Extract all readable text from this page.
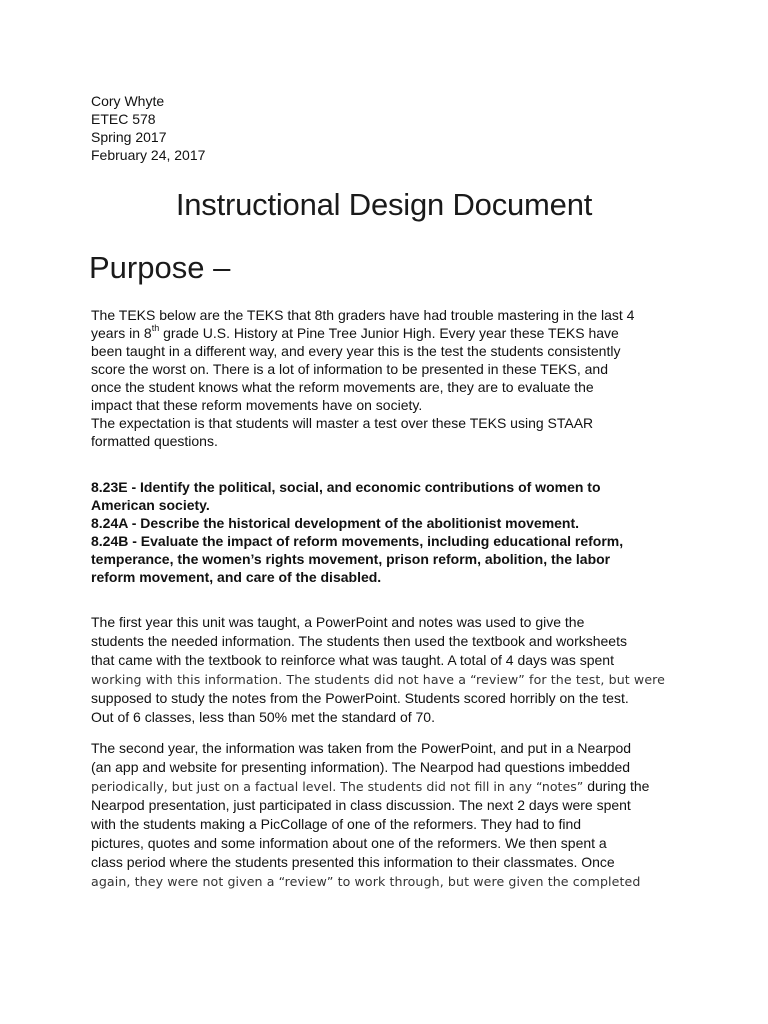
Cory Whyte
ETEC 578
Spring 2017
February 24, 2017
Instructional Design Document
Purpose –
The TEKS below are the TEKS that 8th graders have had trouble mastering in the last 4
years in 8th grade U.S. History at Pine Tree Junior High. Every year these TEKS have
been taught in a different way, and every year this is the test the students consistently
score the worst on. There is a lot of information to be presented in these TEKS, and
once the student knows what the reform movements are, they are to evaluate the
impact that these reform movements have on society.
The expectation is that students will master a test over these TEKS using STAAR
formatted questions.
8.23E - Identify the political, social, and economic contributions of women to
American society.
8.24A - Describe the historical development of the abolitionist movement.
8.24B - Evaluate the impact of reform movements, including educational reform,
temperance, the women’s rights movement, prison reform, abolition, the labor
reform movement, and care of the disabled.
The first year this unit was taught, a PowerPoint and notes was used to give the
students the needed information. The students then used the textbook and worksheets
that came with the textbook to reinforce what was taught. A total of 4 days was spent
working with this information. The students did not have a “review” for the test, but were
supposed to study the notes from the PowerPoint. Students scored horribly on the test.
Out of 6 classes, less than 50% met the standard of 70.
The second year, the information was taken from the PowerPoint, and put in a Nearpod
(an app and website for presenting information). The Nearpod had questions imbedded
periodically, but just on a factual level. The students did not fill in any “notes” during the
Nearpod presentation, just participated in class discussion. The next 2 days were spent
with the students making a PicCollage of one of the reformers. They had to find
pictures, quotes and some information about one of the reformers. We then spent a
class period where the students presented this information to their classmates. Once
again, they were not given a “review” to work through, but were given the completed
